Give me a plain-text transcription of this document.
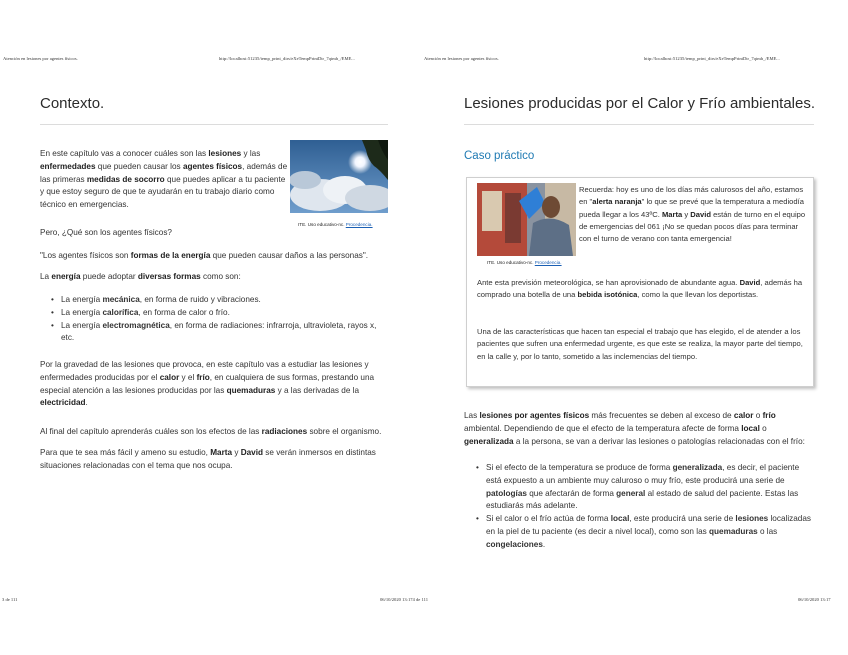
Atención en lesiones por agentes físicos.	http://localhost:51235/temp_print_dirs/eXeTempPrintDir_7qimh_/EME...	Atención en lesiones por agentes físicos.	http://localhost:51235/temp_print_dirs/eXeTempPrintDir_7qimh_/EME...
3 de 111	06/10/2020 13:174 de 111	06/10/2020 13:17
Contexto.

En este capítulo vas a conocer cuáles son las lesiones y las enfermedades que pueden causar los agentes físicos, además de las primeras medidas de socorro que puedes aplicar a tu paciente y que estoy seguro de que te ayudarán en tu trabajo diario como técnico en emergencias.

ITE. Uso educativo-nc. Procedencia.

Pero, ¿Qué son los agentes físicos?

"Los agentes físicos son formas de la energía que pueden causar daños a las personas".

La energía puede adoptar diversas formas como son:

• La energía mecánica, en forma de ruido y vibraciones.
• La energía calorífica, en forma de calor o frío.
• La energía electromagnética, en forma de radiaciones: infrarroja, ultravioleta, rayos x, etc.

Por la gravedad de las lesiones que provoca, en este capítulo vas a estudiar las lesiones y enfermedades producidas por el calor y el frío, en cualquiera de sus formas, prestando una especial atención a las lesiones producidas por las quemaduras y a las derivadas de la electricidad.

Al final del capítulo aprenderás cuáles son los efectos de las radiaciones sobre el organismo.

Para que te sea más fácil y ameno su estudio, Marta y David se verán inmersos en distintas situaciones relacionadas con el tema que nos ocupa.

Lesiones producidas por el Calor y Frío ambientales.
Caso práctico
ITE. Uso educativo-nc. Procedencia.

Recuerda: hoy es uno de los días más calurosos del año, estamos en "alerta naranja" lo que se prevé que la temperatura a mediodía pueda llegar a los 43ºC. Marta y David están de turno en el equipo de emergencias del 061 ¡No se quedan pocos días para terminar con el turno de verano con tanta emergencia!

Ante esta previsión meteorológica, se han aprovisionado de abundante agua. David, además ha comprado una botella de una bebida isotónica, como la que llevan los deportistas.

Una de las características que hacen tan especial el trabajo que has elegido, el de atender a los pacientes que sufren una enfermedad urgente, es que este se realiza, la mayor parte del tiempo, en la calle y, por lo tanto, sometido a las inclemencias del tiempo.

Las lesiones por agentes físicos más frecuentes se deben al exceso de calor o frío ambiental. Dependiendo de que el efecto de la temperatura afecte de forma local o generalizada a la persona, se van a derivar las lesiones o patologías relacionadas con el frío:

• Si el efecto de la temperatura se produce de forma generalizada, es decir, el paciente está expuesto a un ambiente muy caluroso o muy frío, este producirá una serie de patologías que afectarán de forma general al estado de salud del paciente. Estas las estudiarás más adelante.
• Si el calor o el frío actúa de forma local, este producirá una serie de lesiones localizadas en la piel de tu paciente (es decir a nivel local), como son las quemaduras o las congelaciones.
